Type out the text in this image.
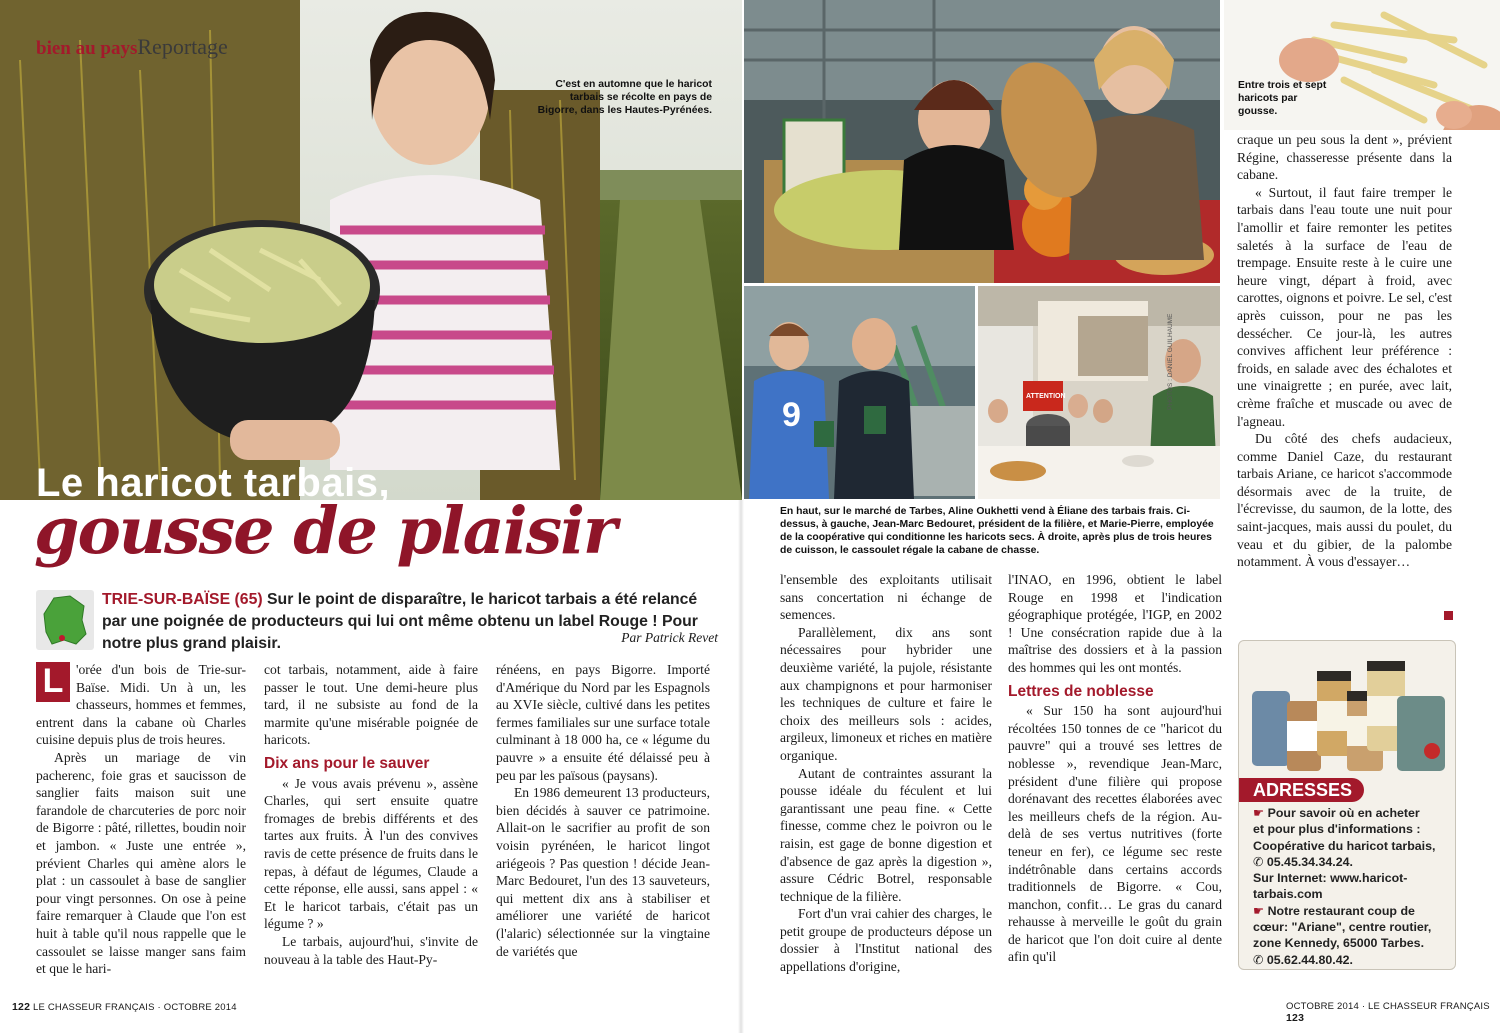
bien au paysReportage
C'est en automne que le haricot tarbais se récolte en pays de Bigorre, dans les Hautes-Pyrénées.
Le haricot tarbais,
gousse de plaisir
TRIE-SUR-BAÏSE (65) Sur le point de disparaître, le haricot tarbais a été relancé par une poignée de producteurs qui lui ont même obtenu un label Rouge ! Pour notre plus grand plaisir.	Par Patrick Revet

L 'orée d'un bois de Trie-sur-Baïse. Midi. Un à un, les chasseurs, hommes et femmes, entrent dans la cabane où Charles cuisine depuis plus de trois heures.

Après un mariage de vin pacherenc, foie gras et saucisson de sanglier faits maison suit une farandole de charcuteries de porc noir de Bigorre : pâté, rillettes, boudin noir et jambon. « Juste une entrée », prévient Charles qui amène alors le plat : un cassoulet à base de sanglier pour vingt personnes. On ose à peine faire remarquer à Claude que l'on est huit à table qu'il nous rappelle que le cassoulet se laisse manger sans faim et que le hari-

cot tarbais, notamment, aide à faire passer le tout. Une demi-heure plus tard, il ne subsiste au fond de la marmite qu'une misérable poignée de haricots.

Dix ans pour le sauver

« Je vous avais prévenu », assène Charles, qui sert ensuite quatre fromages de brebis différents et des tartes aux fruits. À l'un des convives ravis de cette présence de fruits dans le repas, à défaut de légumes, Claude a cette réponse, elle aussi, sans appel : « Et le haricot tarbais, c'était pas un légume ? »

Le tarbais, aujourd'hui, s'invite de nouveau à la table des Haut-Py-

rénéens, en pays Bigorre. Importé d'Amérique du Nord par les Espagnols au XVIe siècle, cultivé dans les petites fermes familiales sur une surface totale culminant à 18 000 ha, ce « légume du pauvre » a ensuite été délaissé peu à peu par les païsous (paysans).

En 1986 demeurent 13 producteurs, bien décidés à sauver ce patrimoine. Allait-on le sacrifier au profit de son voisin pyrénéen, le haricot lingot ariégeois ? Pas question ! décide Jean-Marc Bedouret, l'un des 13 sauveteurs, qui mettent dix ans à stabiliser et améliorer une variété de haricot (l'alaric) sélectionnée sur la vingtaine de variétés que

9	ATTENTION	PHOTOS : DANIEL GUILHAUME
En haut, sur le marché de Tarbes, Aline Oukhetti vend à Éliane des tarbais frais. Ci-dessus, à gauche, Jean-Marc Bedouret, président de la filière, et Marie-Pierre, employée de la coopérative qui conditionne les haricots secs. À droite, après plus de trois heures de cuisson, le cassoulet régale la cabane de chasse.
Entre trois et sept haricots par gousse.

l'ensemble des exploitants utilisait sans concertation ni échange de semences.

Parallèlement, dix ans sont nécessaires pour hybrider une deuxième variété, la pujole, résistante aux champignons et pour harmoniser les techniques de culture et faire le choix des meilleurs sols : acides, argileux, limoneux et riches en matière organique.

Autant de contraintes assurant la pousse idéale du féculent et lui garantissant une peau fine. « Cette finesse, comme chez le poivron ou le raisin, est gage de bonne digestion et d'absence de gaz après la digestion », assure Cédric Botrel, responsable technique de la filière.

Fort d'un vrai cahier des charges, le petit groupe de producteurs dépose un dossier à l'Institut national des appellations d'origine,

l'INAO, en 1996, obtient le label Rouge en 1998 et l'indication géographique protégée, l'IGP, en 2002 ! Une consécration rapide due à la maîtrise des dossiers et à la passion des hommes qui les ont montés.

Lettres de noblesse

« Sur 150 ha sont aujourd'hui récoltées 150 tonnes de ce "haricot du pauvre" qui a trouvé ses lettres de noblesse », revendique Jean-Marc, président d'une filière qui propose dorénavant des recettes élaborées avec les meilleurs chefs de la région. Au-delà de ses vertus nutritives (forte teneur en fer), ce légume sec reste indétrônable dans certains accords traditionnels de Bigorre. « Cou, manchon, confit… Le gras du canard rehausse à merveille le goût du grain de haricot que l'on doit cuire al dente afin qu'il

craque un peu sous la dent », prévient Régine, chasseresse présente dans la cabane.

« Surtout, il faut faire tremper le tarbais dans l'eau toute une nuit pour l'amollir et faire remonter les petites saletés à la surface de l'eau de trempage. Ensuite reste à le cuire une heure vingt, départ à froid, avec carottes, oignons et poivre. Le sel, c'est après cuisson, pour ne pas les dessécher. Ce jour-là, les autres convives affichent leur préférence : froids, en salade avec des échalotes et une vinaigrette ; en purée, avec lait, crème fraîche et muscade ou avec de l'agneau.

Du côté des chefs audacieux, comme Daniel Caze, du restaurant tarbais Ariane, ce haricot s'accommode désormais avec de la truite, de l'écrevisse, du saumon, de la lotte, des saint-jacques, mais aussi du poulet, du veau et du gibier, de la palombe notamment. À vous d'essayer…

ADRESSES
☛ Pour savoir où en acheter
et pour plus d'informations :
Coopérative du haricot tarbais,
✆ 05.45.34.34.24.
Sur Internet: www.haricot-
tarbais.com
☛ Notre restaurant coup de
cœur: "Ariane", centre routier,
zone Kennedy, 65000 Tarbes.
✆ 05.62.44.80.42.
122 LE CHASSEUR FRANÇAIS · OCTOBRE 2014	OCTOBRE 2014 · LE CHASSEUR FRANÇAIS 123
